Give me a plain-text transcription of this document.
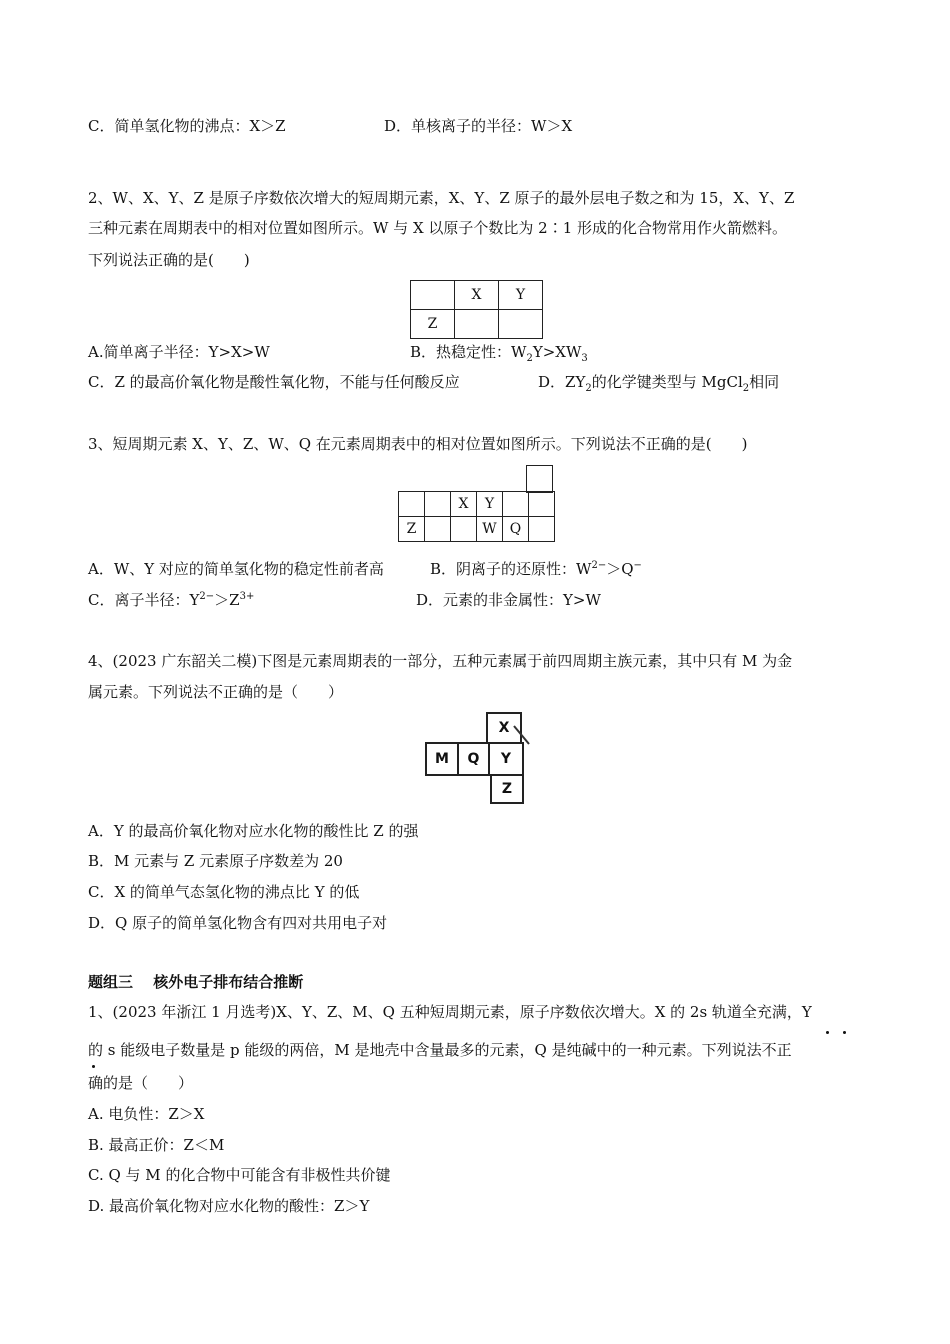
C．简单氢化物的沸点：X＞Z	D．单核离子的半径：W＞X
2、W、X、Y、Z 是原子序数依次增大的短周期元素，X、Y、Z 原子的最外层电子数之和为 15，X、Y、Z
三种元素在周期表中的相对位置如图所示。W 与 X 以原子个数比为 2∶1 形成的化合物常用作火箭燃料。
下列说法正确的是(　　)
	X	Y
Z		
A.简单离子半径：Y>X>W	B．热稳定性：$W_2Y>XW_3$
C．Z 的最高价氧化物是酸性氧化物，不能与任何酸反应	D．$ZY_2$的化学键类型与 MgCl$_2$相同
3、短周期元素 X、Y、Z、W、Q 在元素周期表中的相对位置如图所示。下列说法不正确的是(　　)
		X	Y		
Z			W	Q	
A．W、Y 对应的简单氢化物的稳定性前者高	B．阴离子的还原性：$W^{2-}>Q^-$
C．离子半径：$Y^{2-}>Z^{3+}$	D．元素的非金属性：Y>W
4、(2023 广东韶关二模)下图是元素周期表的一部分，五种元素属于前四周期主族元素，其中只有 M 为金
属元素。下列说法不正确的是（　　）
X
M	Q	Y
Z
A．Y 的最高价氧化物对应水化物的酸性比 Z 的强
B．M 元素与 Z 元素原子序数差为 20
C．X 的简单气态氢化物的沸点比 Y 的低
D．Q 原子的简单氢化物含有四对共用电子对
题组三　 核外电子排布结合推断
1、(2023 年浙江 1 月选考)X、Y、Z、M、Q 五种短周期元素，原子序数依次增大。X 的 2s 轨道全充满，Y
的 s 能级电子数量是 p 能级的两倍，M 是地壳中含量最多的元素，Q 是纯碱中的一种元素。下列说法不正
确的是（　　）
A. 电负性：Z＞X
B. 最高正价：Z＜M
C. Q 与 M 的化合物中可能含有非极性共价键
D. 最高价氧化物对应水化物的酸性：Z＞Y
